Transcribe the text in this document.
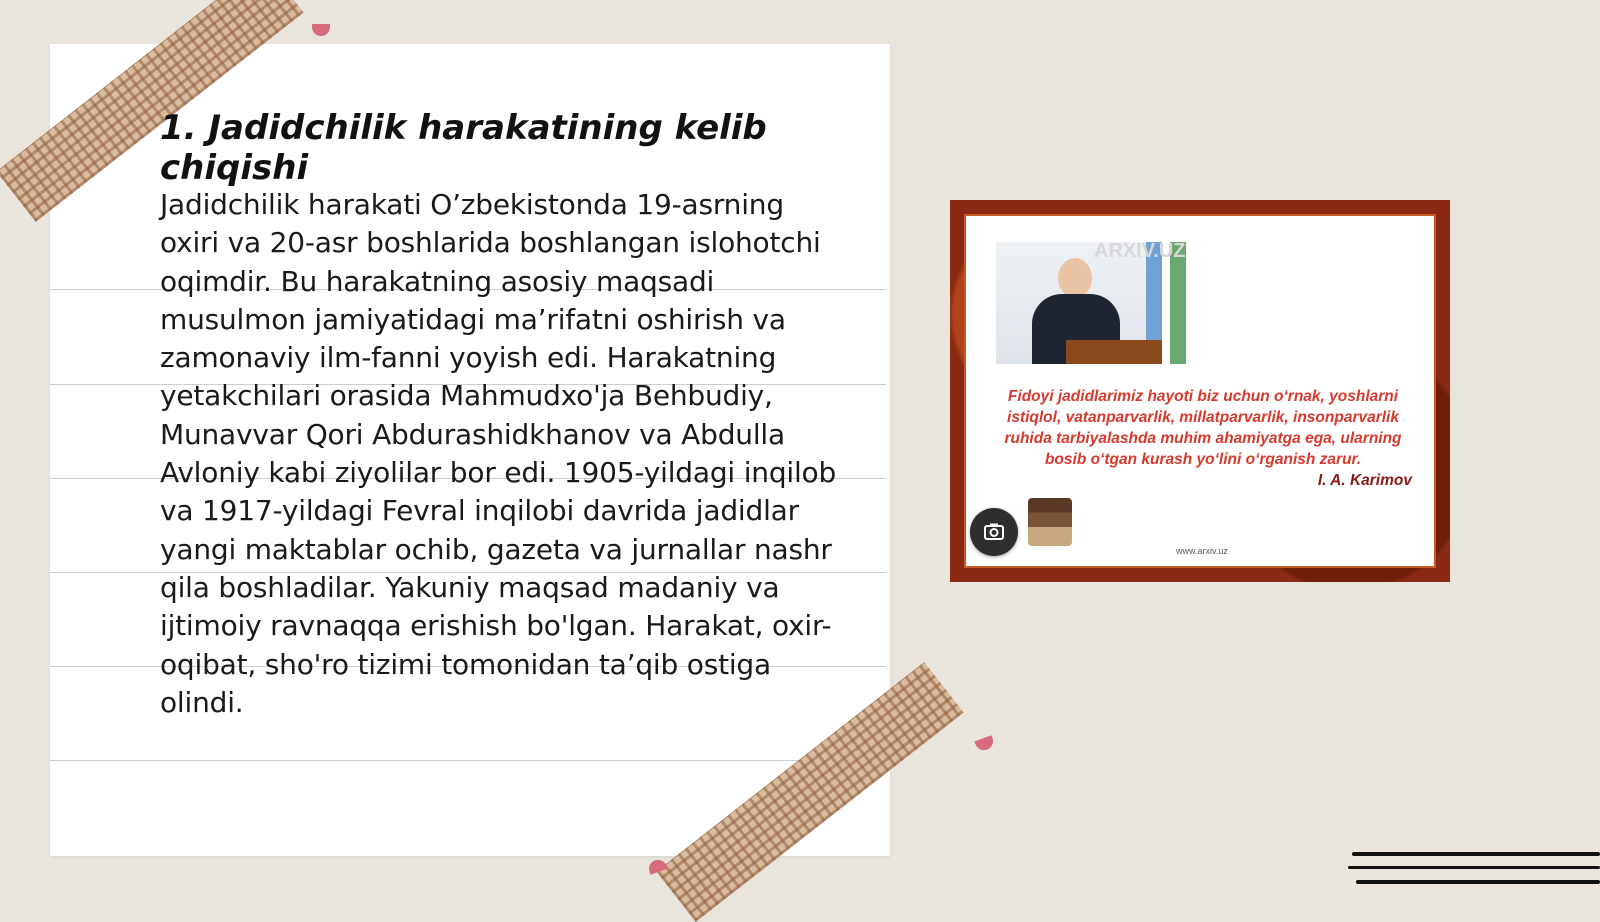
1. Jadidchilik harakatining kelib chiqishi

Jadidchilik harakati O’zbekistonda 19-asrning oxiri va 20-asr boshlarida boshlangan islohotchi oqimdir. Bu harakatning asosiy maqsadi musulmon jamiyatidagi ma’rifatni oshirish va zamonaviy ilm-fanni yoyish edi. Harakatning yetakchilari orasida Mahmudxo'ja Behbudiy, Munavvar Qori Abdurashidkhanov va Abdulla Avloniy kabi ziyolilar bor edi. 1905-yildagi inqilob va 1917-yildagi Fevral inqilobi davrida jadidlar yangi maktablar ochib, gazeta va jurnallar nashr qila boshladilar. Yakuniy maqsad madaniy va ijtimoiy ravnaqqa erishish bo'lgan. Harakat, oxir-oqibat, sho'ro tizimi tomonidan ta’qib ostiga olindi.

ARXIV.UZ

Fidoyi jadidlarimiz hayoti biz uchun o‘rnak, yoshlarni istiqlol, vatanparvarlik, millatparvarlik, insonparvarlik ruhida tarbiyalashda muhim ahamiyatga ega, ularning bosib o‘tgan kurash yo‘lini o‘rganish zarur.

I. A. Karimov
www.arxiv.uz
